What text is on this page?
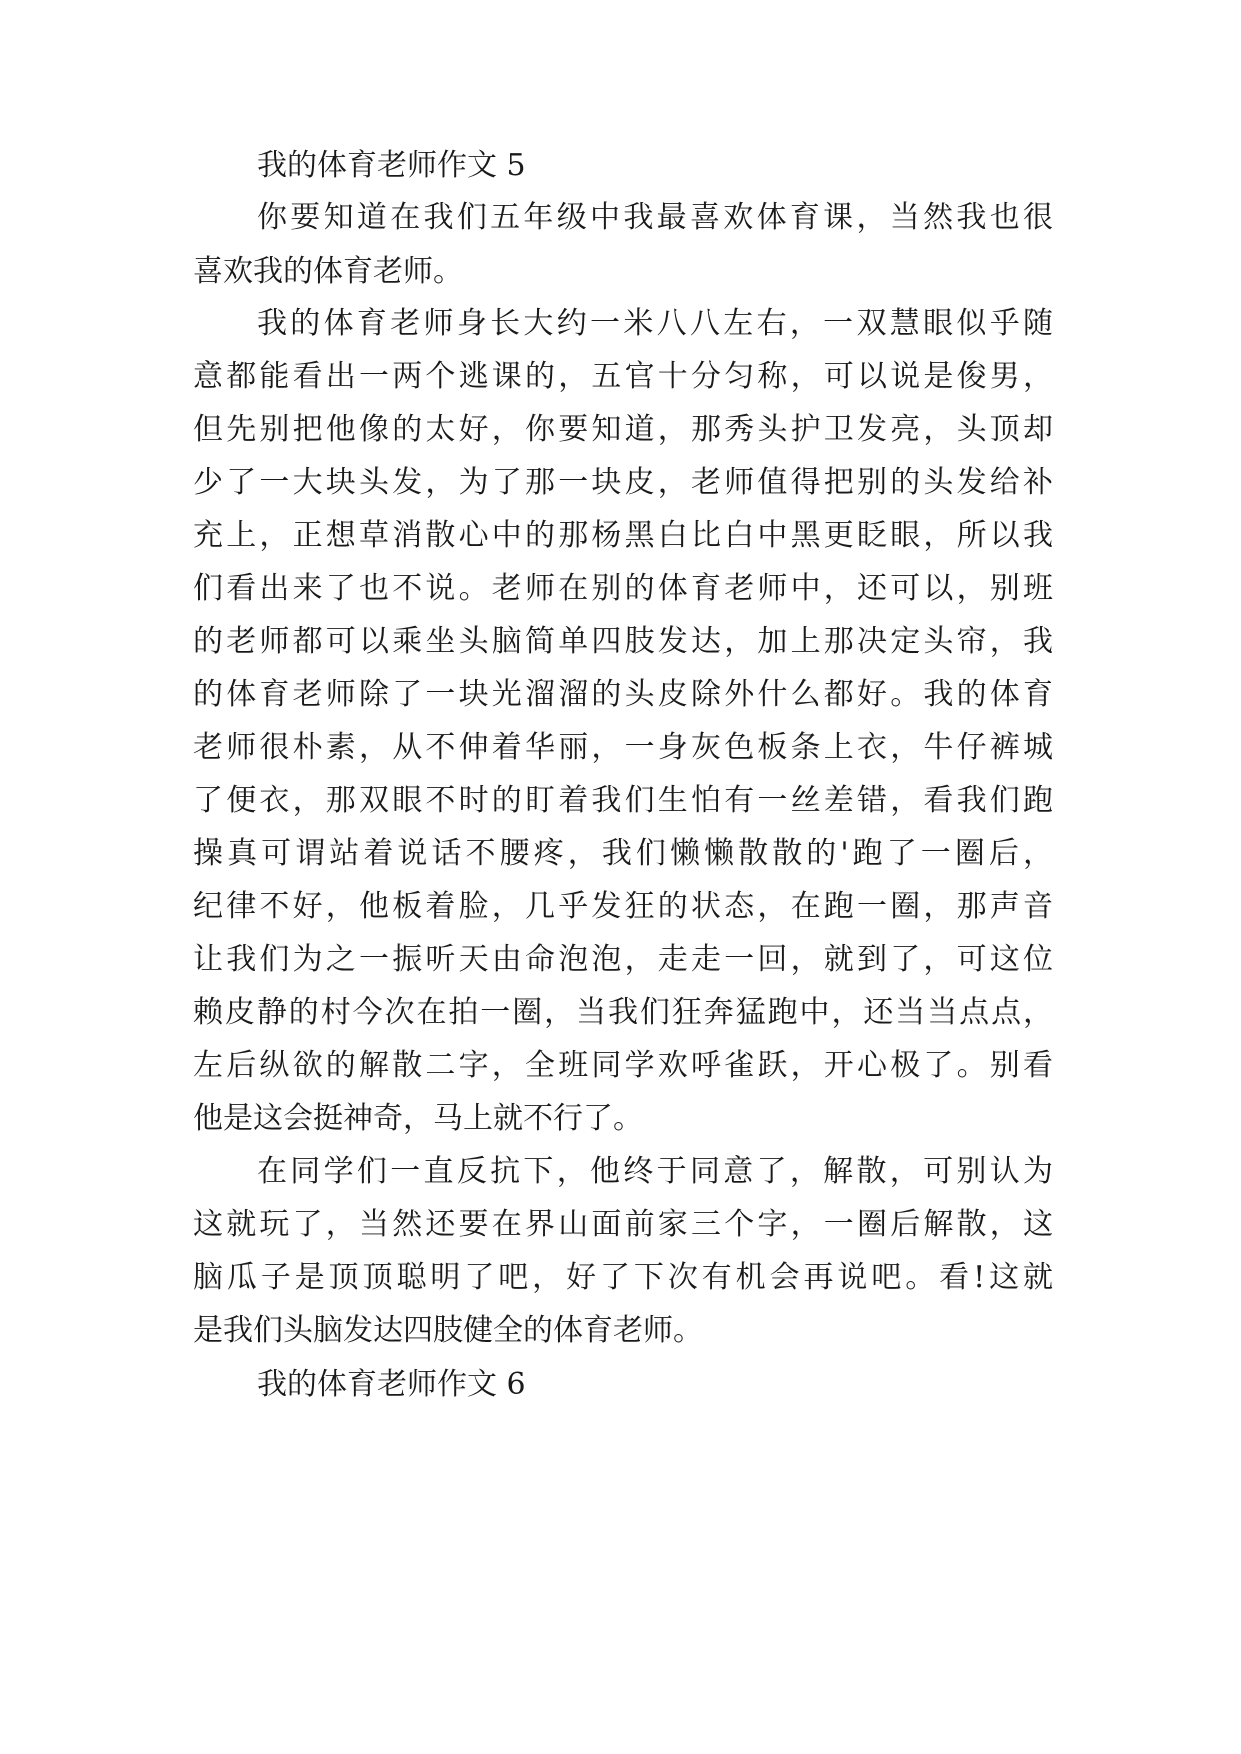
我的体育老师作文 5
你要知道在我们五年级中我最喜欢体育课，当然我也很
喜欢我的体育老师。
我的体育老师身长大约一米八八左右，一双慧眼似乎随
意都能看出一两个逃课的，五官十分匀称，可以说是俊男，
但先别把他像的太好，你要知道，那秀头护卫发亮，头顶却
少了一大块头发，为了那一块皮，老师值得把别的头发给补
充上，正想草消散心中的那杨黑白比白中黑更眨眼，所以我
们看出来了也不说。老师在别的体育老师中，还可以，别班
的老师都可以乘坐头脑简单四肢发达，加上那决定头帘，我
的体育老师除了一块光溜溜的头皮除外什么都好。我的体育
老师很朴素，从不伸着华丽，一身灰色板条上衣，牛仔裤城
了便衣，那双眼不时的盯着我们生怕有一丝差错，看我们跑
操真可谓站着说话不腰疼，我们懒懒散散的'跑了一圈后，
纪律不好，他板着脸，几乎发狂的状态，在跑一圈，那声音
让我们为之一振听天由命泡泡，走走一回，就到了，可这位
赖皮静的村今次在拍一圈，当我们狂奔猛跑中，还当当点点，
左后纵欲的解散二字，全班同学欢呼雀跃，开心极了。别看
他是这会挺神奇，马上就不行了。
在同学们一直反抗下，他终于同意了，解散，可别认为
这就玩了，当然还要在界山面前家三个字，一圈后解散，这
脑瓜子是顶顶聪明了吧，好了下次有机会再说吧。看!这就
是我们头脑发达四肢健全的体育老师。
我的体育老师作文 6
